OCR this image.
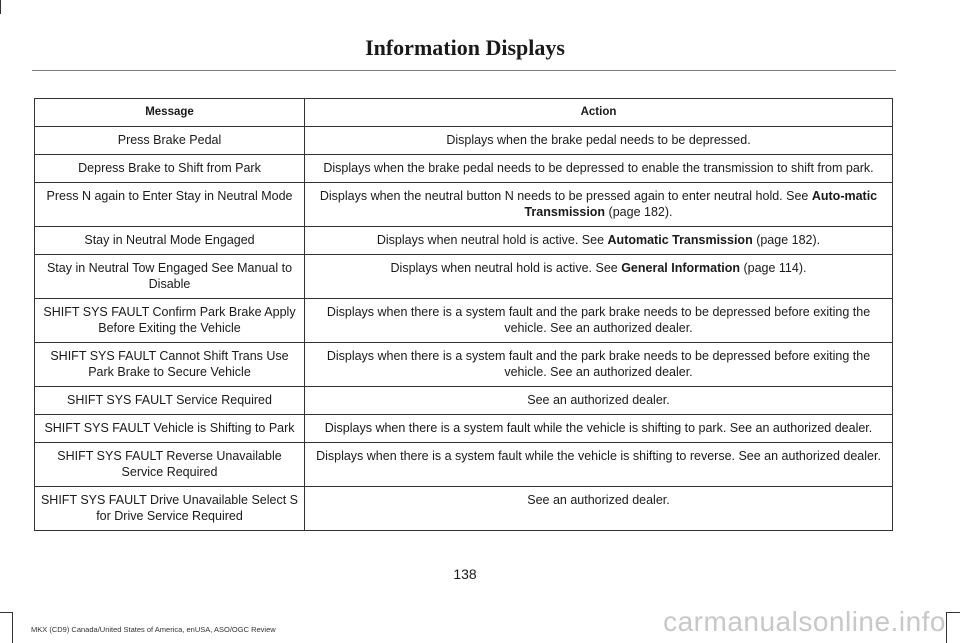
Information Displays
Message	Action
Press Brake Pedal	Displays when the brake pedal needs to be depressed.
Depress Brake to Shift from Park	Displays when the brake pedal needs to be depressed to enable the transmission to shift from park.
Press N again to Enter Stay in Neutral Mode	Displays when the neutral button N needs to be pressed again to enter neutral hold. See Auto-matic Transmission (page 182).
Stay in Neutral Mode Engaged	Displays when neutral hold is active. See Automatic Transmission (page 182).
Stay in Neutral Tow Engaged See Manual to Disable	Displays when neutral hold is active. See General Information (page 114).
SHIFT SYS FAULT Confirm Park Brake Apply Before Exiting the Vehicle	Displays when there is a system fault and the park brake needs to be depressed before exiting the vehicle. See an authorized dealer.
SHIFT SYS FAULT Cannot Shift Trans Use Park Brake to Secure Vehicle	Displays when there is a system fault and the park brake needs to be depressed before exiting the vehicle. See an authorized dealer.
SHIFT SYS FAULT Service Required	See an authorized dealer.
SHIFT SYS FAULT Vehicle is Shifting to Park	Displays when there is a system fault while the vehicle is shifting to park. See an authorized dealer.
SHIFT SYS FAULT Reverse Unavailable Service Required	Displays when there is a system fault while the vehicle is shifting to reverse. See an authorized dealer.
SHIFT SYS FAULT Drive Unavailable Select S for Drive Service Required	See an authorized dealer.
138
MKX (CD9) Canada/United States of America, enUSA, ASO/OGC Review	carmanualsonline.info
